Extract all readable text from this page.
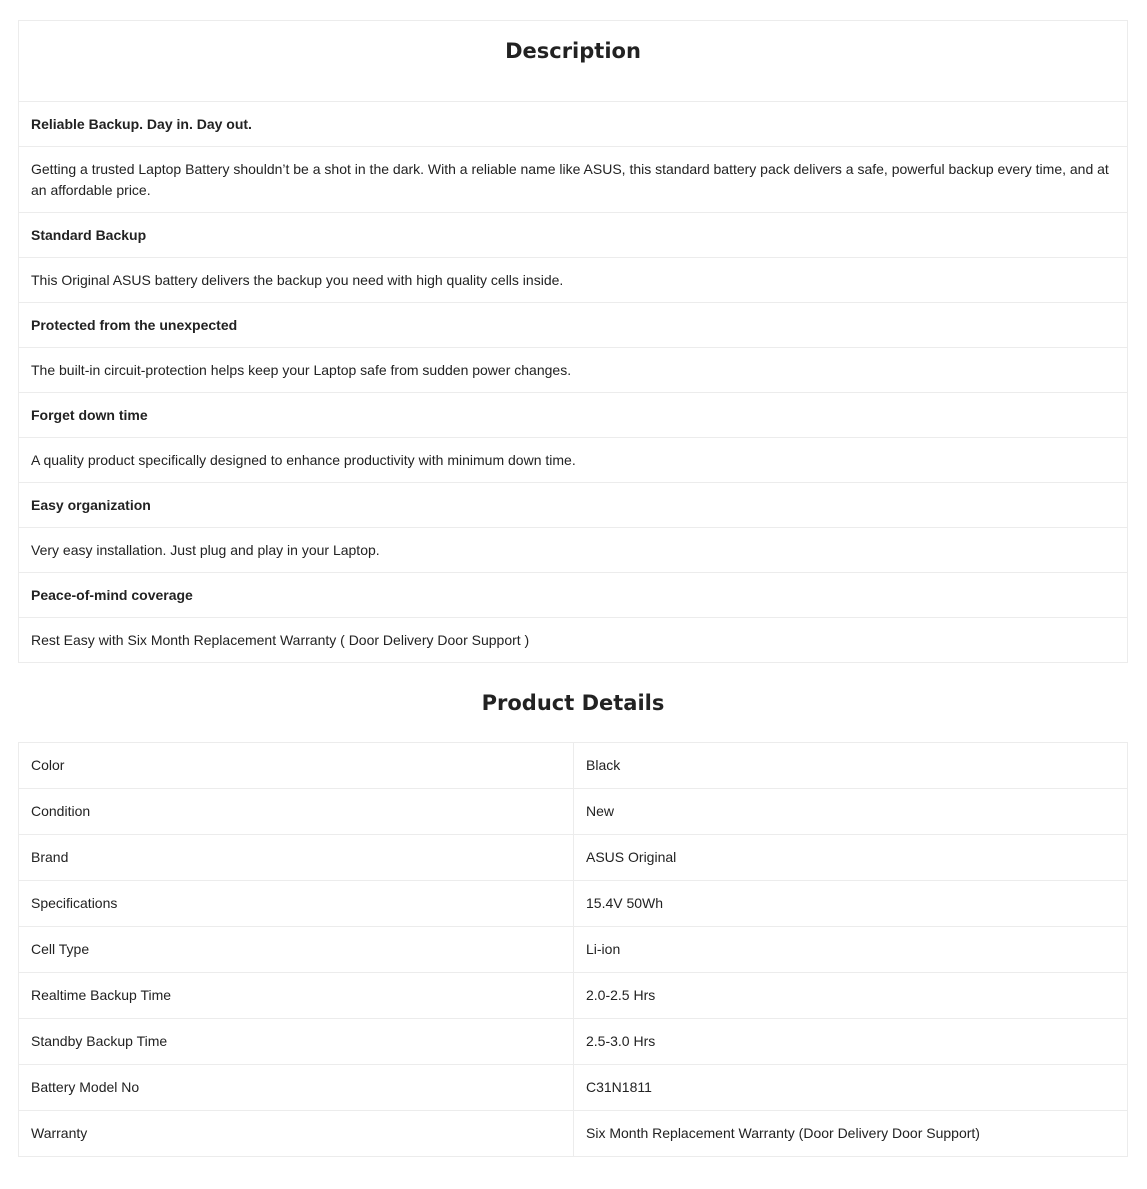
Description

Reliable Backup. Day in. Day out.
Getting a trusted Laptop Battery shouldn’t be a shot in the dark. With a reliable name like ASUS, this standard battery pack delivers a safe, powerful backup every time, and at an affordable price.
Standard Backup
This Original ASUS battery delivers the backup you need with high quality cells inside.
Protected from the unexpected
The built-in circuit-protection helps keep your Laptop safe from sudden power changes.
Forget down time
A quality product specifically designed to enhance productivity with minimum down time.
Easy organization
Very easy installation. Just plug and play in your Laptop.
Peace-of-mind coverage
Rest Easy with Six Month Replacement Warranty ( Door Delivery Door Support )
Product Details
Color	Black
Condition	New
Brand	ASUS Original
Specifications	15.4V 50Wh
Cell Type	Li-ion
Realtime Backup Time	2.0-2.5 Hrs
Standby Backup Time	2.5-3.0 Hrs
Battery Model No	C31N1811
Warranty	Six Month Replacement Warranty (Door Delivery Door Support)
